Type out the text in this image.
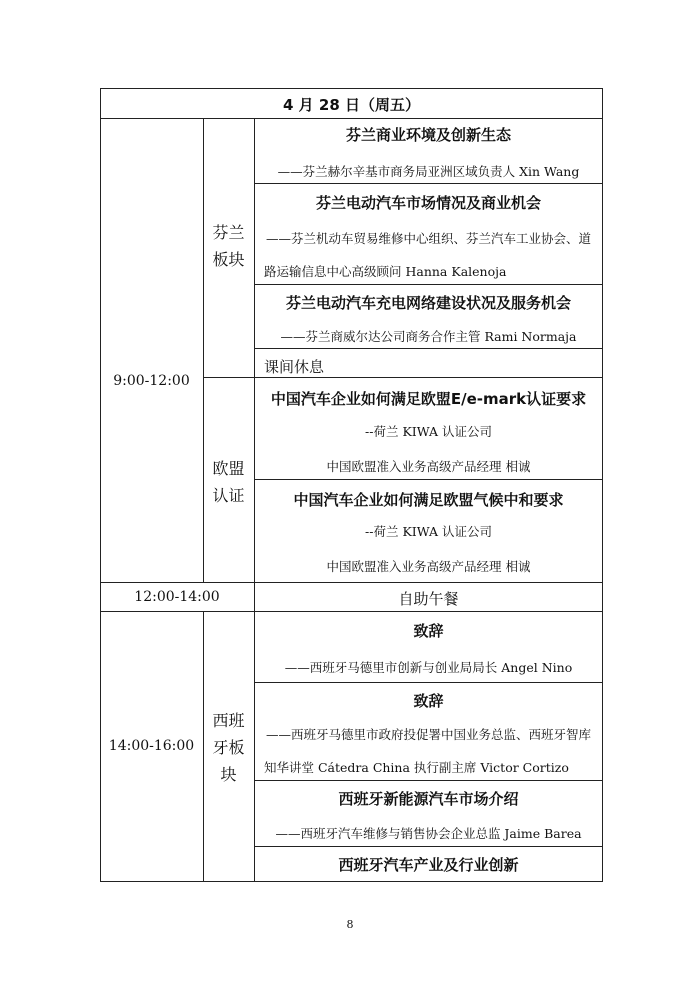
4 月 28 日（周五）
9:00-12:00
芬兰
板块
芬兰商业环境及创新生态
——芬兰赫尔辛基市商务局亚洲区域负责人 Xin Wang
芬兰电动汽车市场情况及商业机会
——芬兰机动车贸易维修中心组织、芬兰汽车工业协会、道
路运输信息中心高级顾问 Hanna Kalenoja
芬兰电动汽车充电网络建设状况及服务机会
——芬兰商威尔达公司商务合作主管 Rami Normaja
课间休息
欧盟
认证
中国汽车企业如何满足欧盟E/e-mark认证要求
--荷兰 KIWA 认证公司
中国欧盟准入业务高级产品经理 相诚
中国汽车企业如何满足欧盟气候中和要求
--荷兰 KIWA 认证公司
中国欧盟准入业务高级产品经理 相诚
12:00-14:00	自助午餐
14:00-16:00
西班
牙板
块
致辞
——西班牙马德里市创新与创业局局长 Angel Nino
致辞
——西班牙马德里市政府投促署中国业务总监、西班牙智库
知华讲堂 Cátedra China 执行副主席 Victor Cortizo
西班牙新能源汽车市场介绍
——西班牙汽车维修与销售协会企业总监 Jaime Barea
西班牙汽车产业及行业创新
8
